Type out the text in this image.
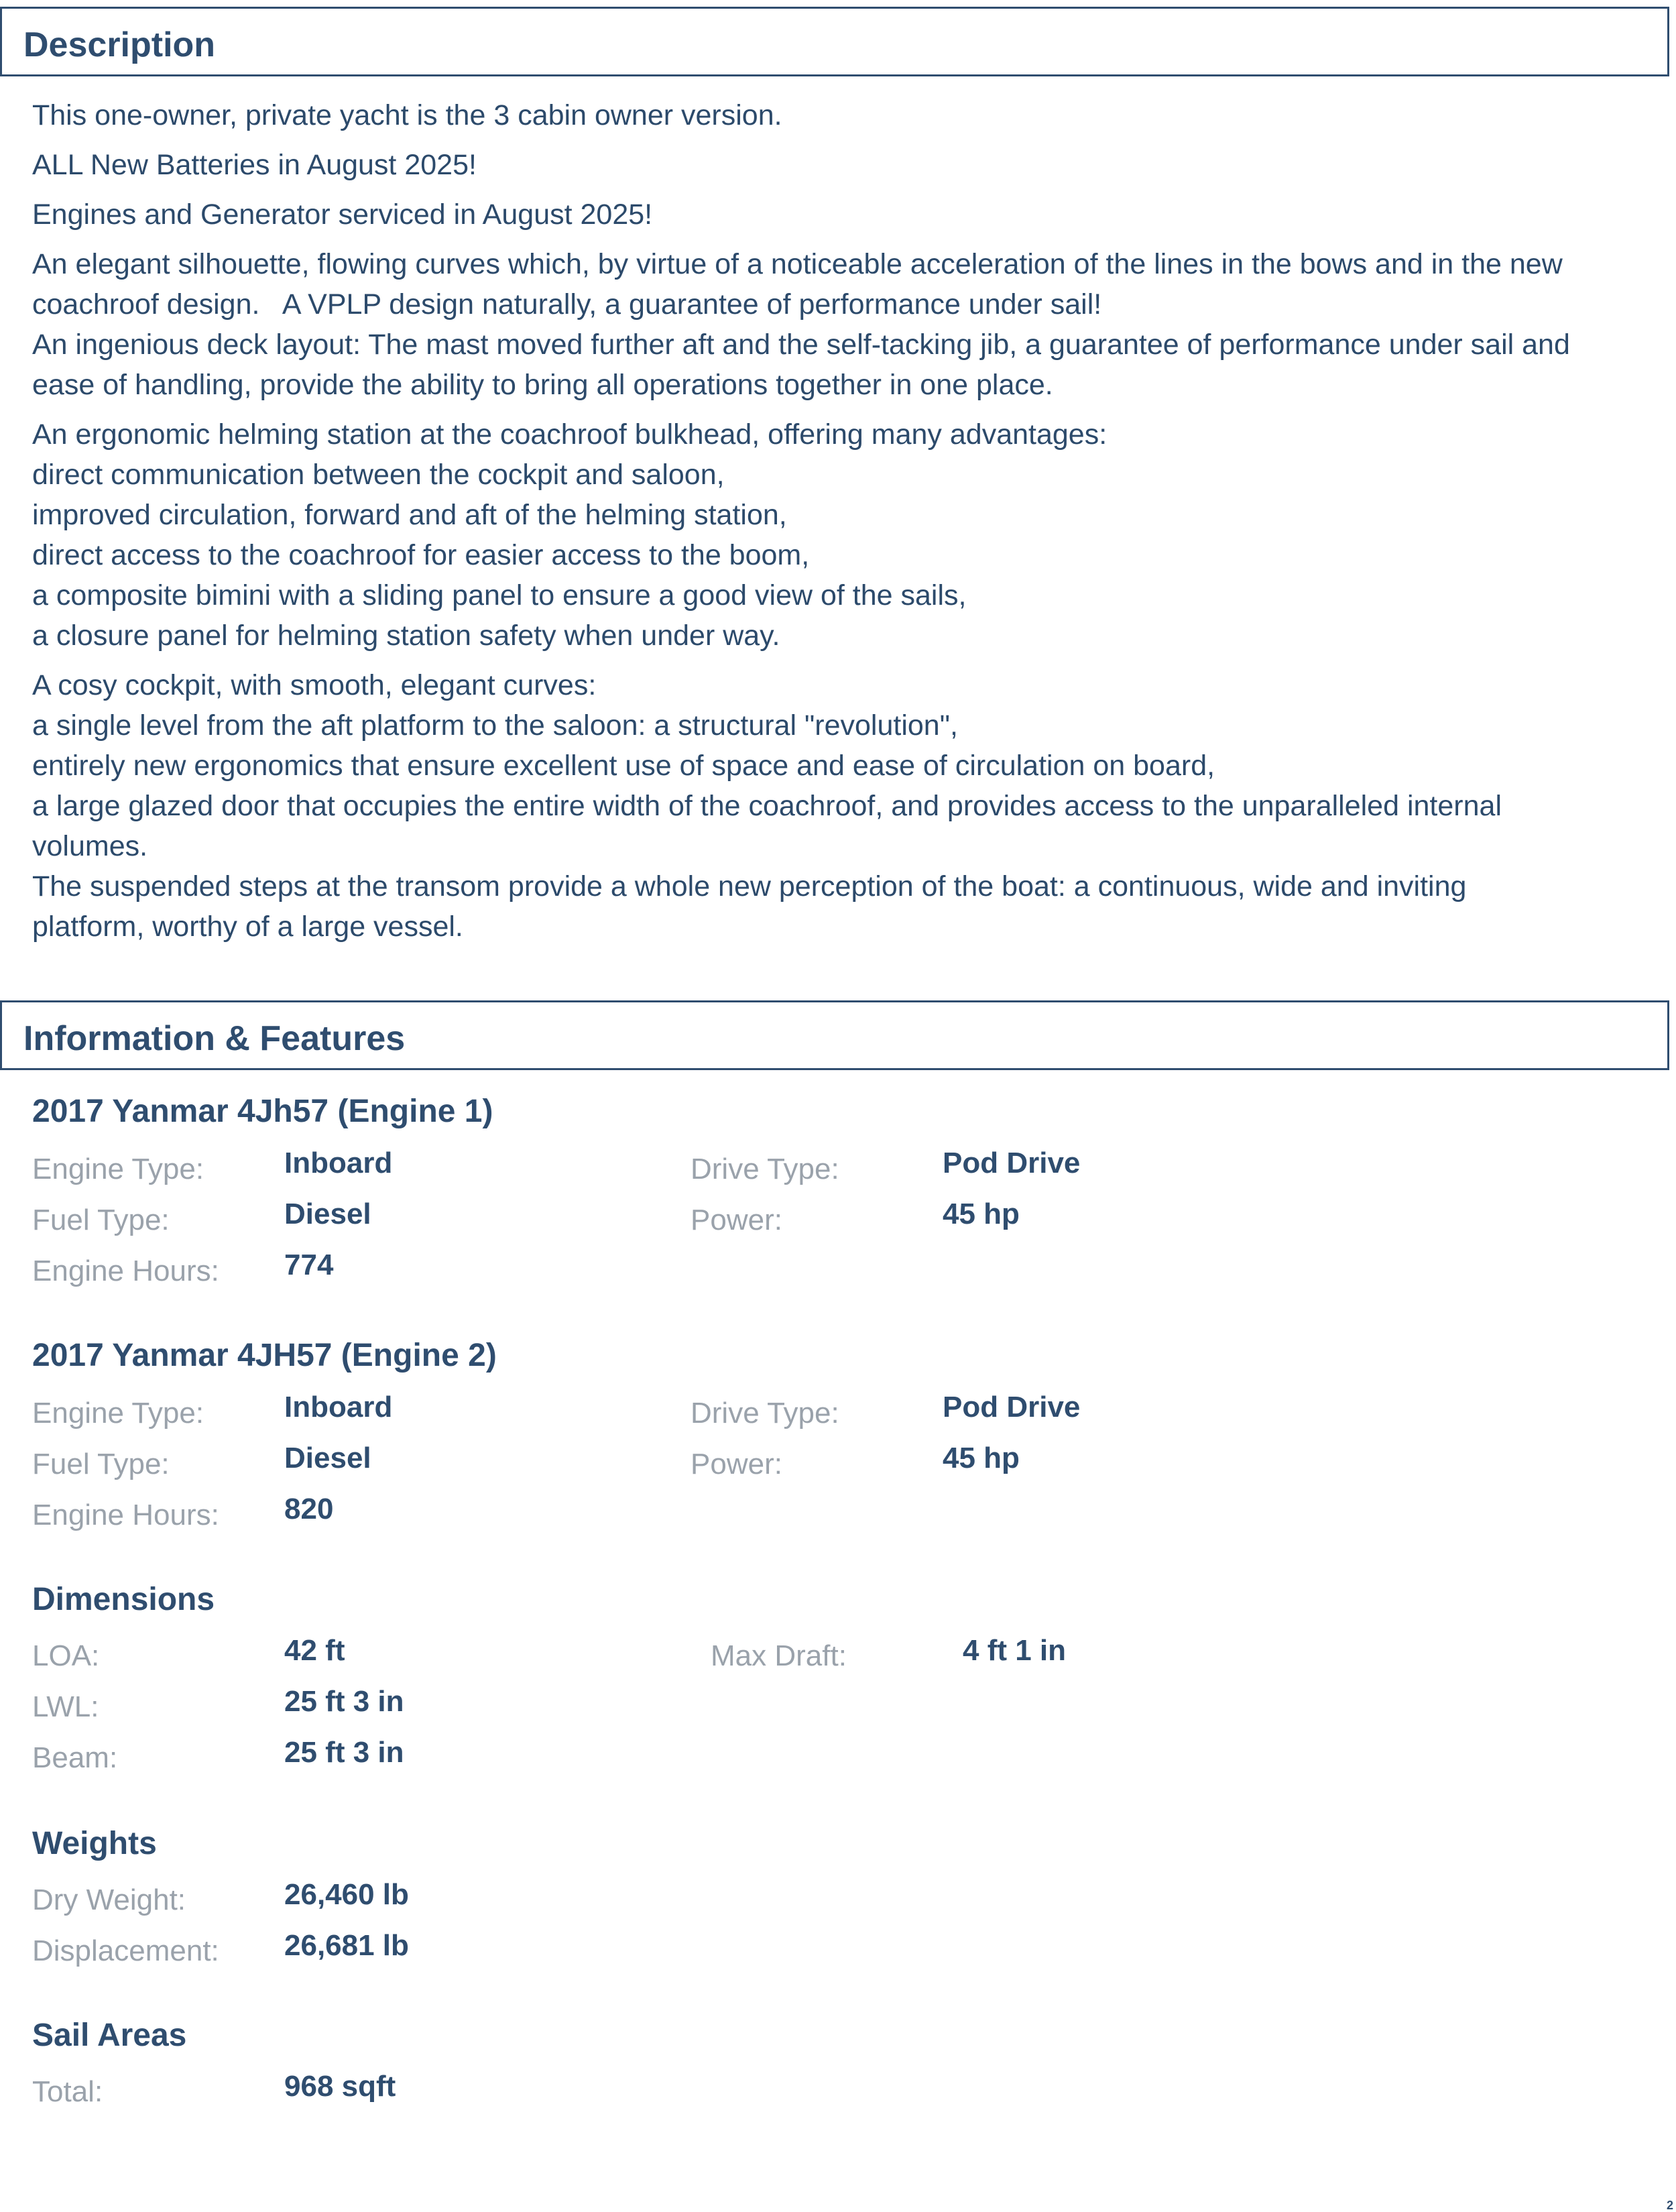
Description

This one-owner, private yacht is the 3 cabin owner version.

ALL New Batteries in August 2025!

Engines and Generator serviced in August 2025!

An elegant silhouette, flowing curves which, by virtue of a noticeable acceleration of the lines in the bows and in the new
coachroof design.   A VPLP design naturally, a guarantee of performance under sail!
An ingenious deck layout: The mast moved further aft and the self-tacking jib, a guarantee of performance under sail and
ease of handling, provide the ability to bring all operations together in one place.

An ergonomic helming station at the coachroof bulkhead, offering many advantages:
direct communication between the cockpit and saloon,
improved circulation, forward and aft of the helming station,
direct access to the coachroof for easier access to the boom,
a composite bimini with a sliding panel to ensure a good view of the sails,
a closure panel for helming station safety when under way.

A cosy cockpit, with smooth, elegant curves:
a single level from the aft platform to the saloon: a structural "revolution",
entirely new ergonomics that ensure excellent use of space and ease of circulation on board,
a large glazed door that occupies the entire width of the coachroof, and provides access to the unparalleled internal
volumes.
The suspended steps at the transom provide a whole new perception of the boat: a continuous, wide and inviting
platform, worthy of a large vessel.

Information & Features
2017 Yanmar 4Jh57 (Engine 1)
Engine Type:	Inboard	Drive Type:	Pod Drive
Fuel Type:	Diesel	Power:	45 hp
Engine Hours: 774
2017 Yanmar 4JH57 (Engine 2)
Engine Type:	Inboard	Drive Type:	Pod Drive
Fuel Type:	Diesel	Power:	45 hp
Engine Hours: 820
Dimensions
LOA:	42 ft	Max Draft:	4 ft 1 in
LWL:	25 ft 3 in
Beam:	25 ft 3 in
Weights
Dry Weight:	26,460 lb
Displacement: 26,681 lb
Sail Areas
Total:	968 sqft
2
